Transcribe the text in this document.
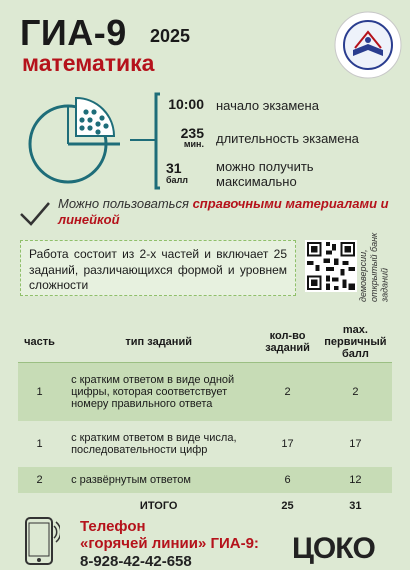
ГИА-9 2025
математика
10:00 начало экзамена
235
мин. длительность экзамена
31
балл
можно получить максимально
Можно пользоваться справочными материалами и линейкой
Работа состоит из 2-х частей и включает 25 заданий, различающихся формой и уровнем сложности	демоверсии, открытый банк заданий
часть	тип заданий	кол-во заданий	max. первичный балл
1	с кратким ответом в виде одной цифры, которая соответствует номеру правильного ответа	2	2
1	с кратким ответом в виде числа, последовательности цифр	17	17
2	с развёрнутым ответом	6	12
	ИТОГО	25	31
Телефон
«горячей линии» ГИА-9:
8-928-42-42-658	ЦОКО
